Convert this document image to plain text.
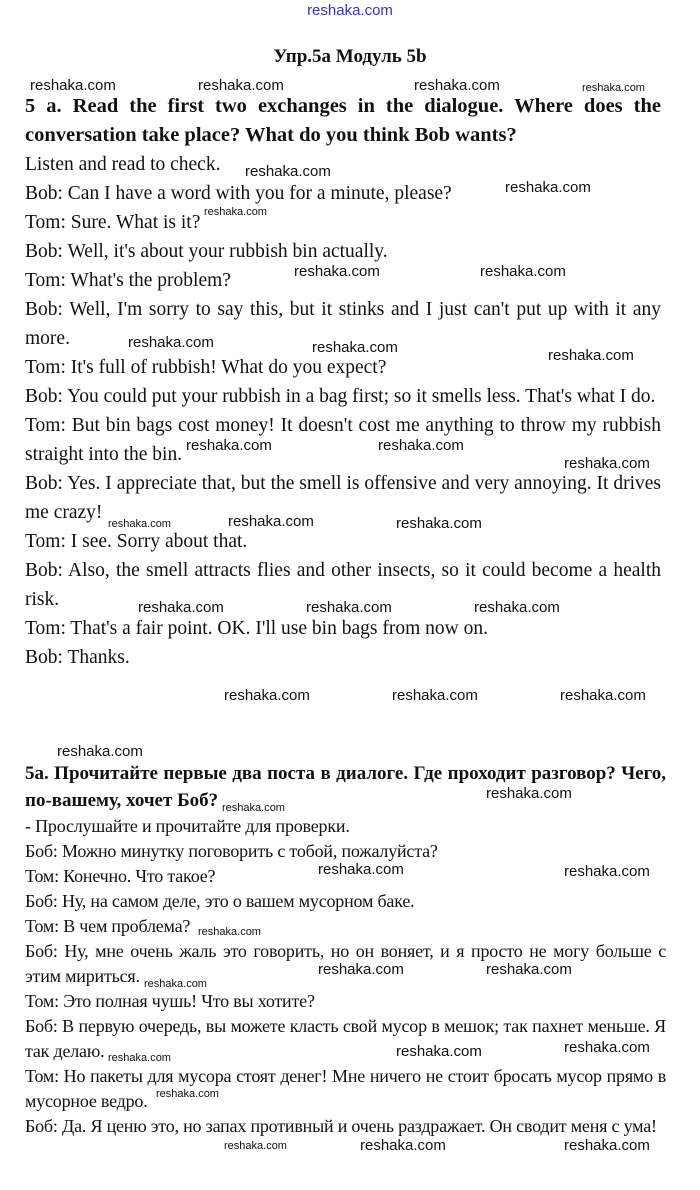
reshaka.com
Упр.5a Модуль 5b

5 a. Read the first two exchanges in the dialogue. Where does the conversation take place? What do you think Bob wants?

Listen and read to check.

Bob: Can I have a word with you for a minute, please?

Tom: Sure. What is it?

Bob: Well, it's about your rubbish bin actually.

Tom: What's the problem?

Bob: Well, I'm sorry to say this, but it stinks and I just can't put up with it any more.

Tom: It's full of rubbish! What do you expect?

Bob: You could put your rubbish in a bag first; so it smells less. That's what I do.

Tom: But bin bags cost money! It doesn't cost me anything to throw my rubbish straight into the bin.

Bob: Yes. I appreciate that, but the smell is offensive and very annoying. It drives me crazy!

Tom: I see. Sorry about that.

Bob: Also, the smell attracts flies and other insects, so it could become a health risk.

Tom: That's a fair point. OK. I'll use bin bags from now on.

Bob: Thanks.

5a. Прочитайте первые два поста в диалоге. Где проходит разговор? Чего, по-вашему, хочет Боб?

- Прослушайте и прочитайте для проверки.

Боб: Можно минутку поговорить с тобой, пожалуйста?

Том: Конечно. Что такое?

Боб: Ну, на самом деле, это о вашем мусорном баке.

Том: В чем проблема?

Боб: Ну, мне очень жаль это говорить, но он воняет, и я просто не могу больше с этим мириться.

Том: Это полная чушь! Что вы хотите?

Боб: В первую очередь, вы можете класть свой мусор в мешок; так пахнет меньше. Я так делаю.

Том: Но пакеты для мусора стоят денег! Мне ничего не стоит бросать мусор прямо в мусорное ведро.

Боб: Да. Я ценю это, но запах противный и очень раздражает. Он сводит меня с ума!

reshaka.com	reshaka.com	reshaka.com	reshaka.com
reshaka.com
reshaka.com
reshaka.com
reshaka.com	reshaka.com
reshaka.com	reshaka.com	reshaka.com
reshaka.com	reshaka.com
reshaka.com
reshaka.com	reshaka.com	reshaka.com
reshaka.com	reshaka.com	reshaka.com
reshaka.com	reshaka.com	reshaka.com
reshaka.com
reshaka.com
reshaka.com
reshaka.com	reshaka.com
reshaka.com
reshaka.com	reshaka.com
reshaka.com
reshaka.com	reshaka.com
reshaka.com
reshaka.com
reshaka.com	reshaka.com
reshaka.com
